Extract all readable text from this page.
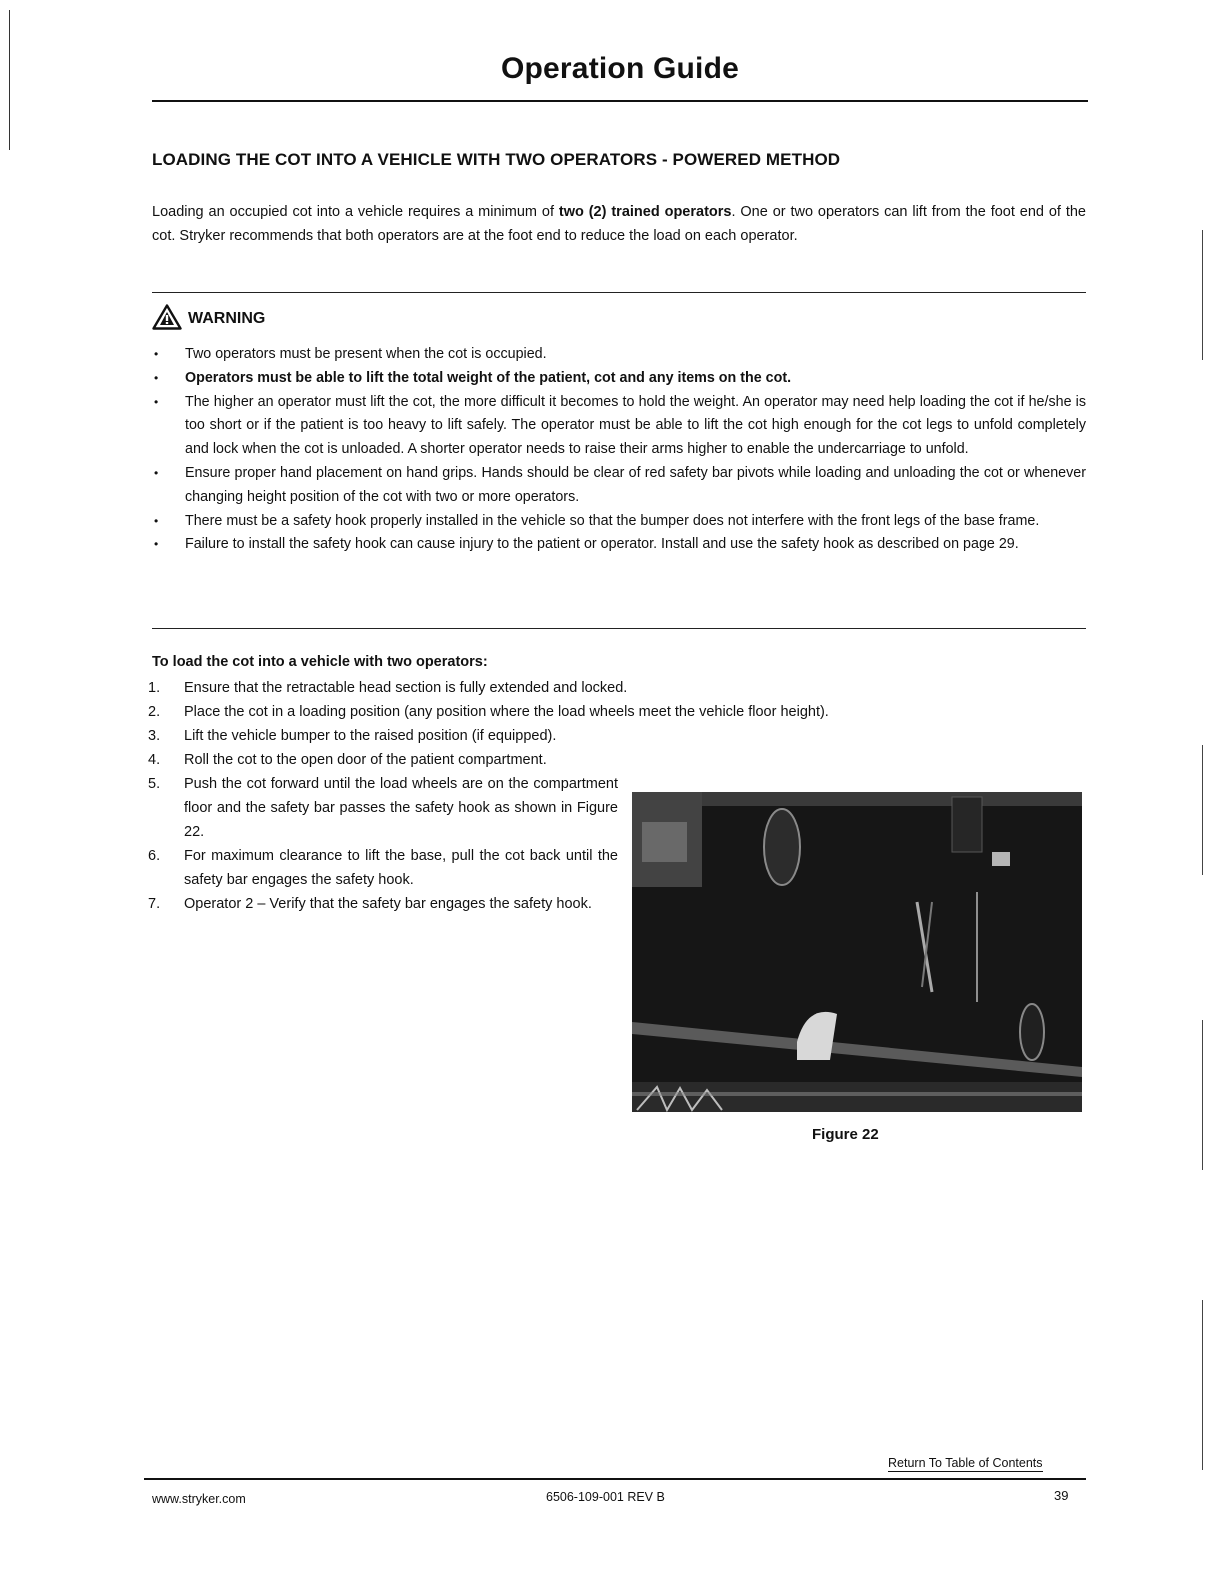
Operation Guide
LOADING THE COT INTO A VEHICLE WITH TWO OPERATORS - POWERED METHOD

Loading an occupied cot into a vehicle requires a minimum of two (2) trained operators. One or two operators can lift from the foot end of the cot. Stryker recommends that both operators are at the foot end to reduce the load on each operator.

WARNING
• Two operators must be present when the cot is occupied.
• Operators must be able to lift the total weight of the patient, cot and any items on the cot.
• The higher an operator must lift the cot, the more difficult it becomes to hold the weight. An operator may need help loading the cot if he/she is too short or if the patient is too heavy to lift safely. The operator must be able to lift the cot high enough for the cot legs to unfold completely and lock when the cot is unloaded. A shorter operator needs to raise their arms higher to enable the undercarriage to unfold.
• Ensure proper hand placement on hand grips. Hands should be clear of red safety bar pivots while loading and unloading the cot or whenever changing height position of the cot with two or more operators.
• There must be a safety hook properly installed in the vehicle so that the bumper does not interfere with the front legs of the base frame.
• Failure to install the safety hook can cause injury to the patient or operator. Install and use the safety hook as described on page 29.
To load the cot into a vehicle with two operators:
1. Ensure that the retractable head section is fully extended and locked.
2. Place the cot in a loading position (any position where the load wheels meet the vehicle floor height).
3. Lift the vehicle bumper to the raised position (if equipped).
4. Roll the cot to the open door of the patient compartment.
5. Push the cot forward until the load wheels are on the compartment floor and the safety bar passes the safety hook as shown in Figure 22.
6. For maximum clearance to lift the base, pull the cot back until the safety bar engages the safety hook.
7. Operator 2 – Verify that the safety bar engages the safety hook.
Figure 22
Return To Table of Contents
www.stryker.com	6506-109-001 REV B	39
